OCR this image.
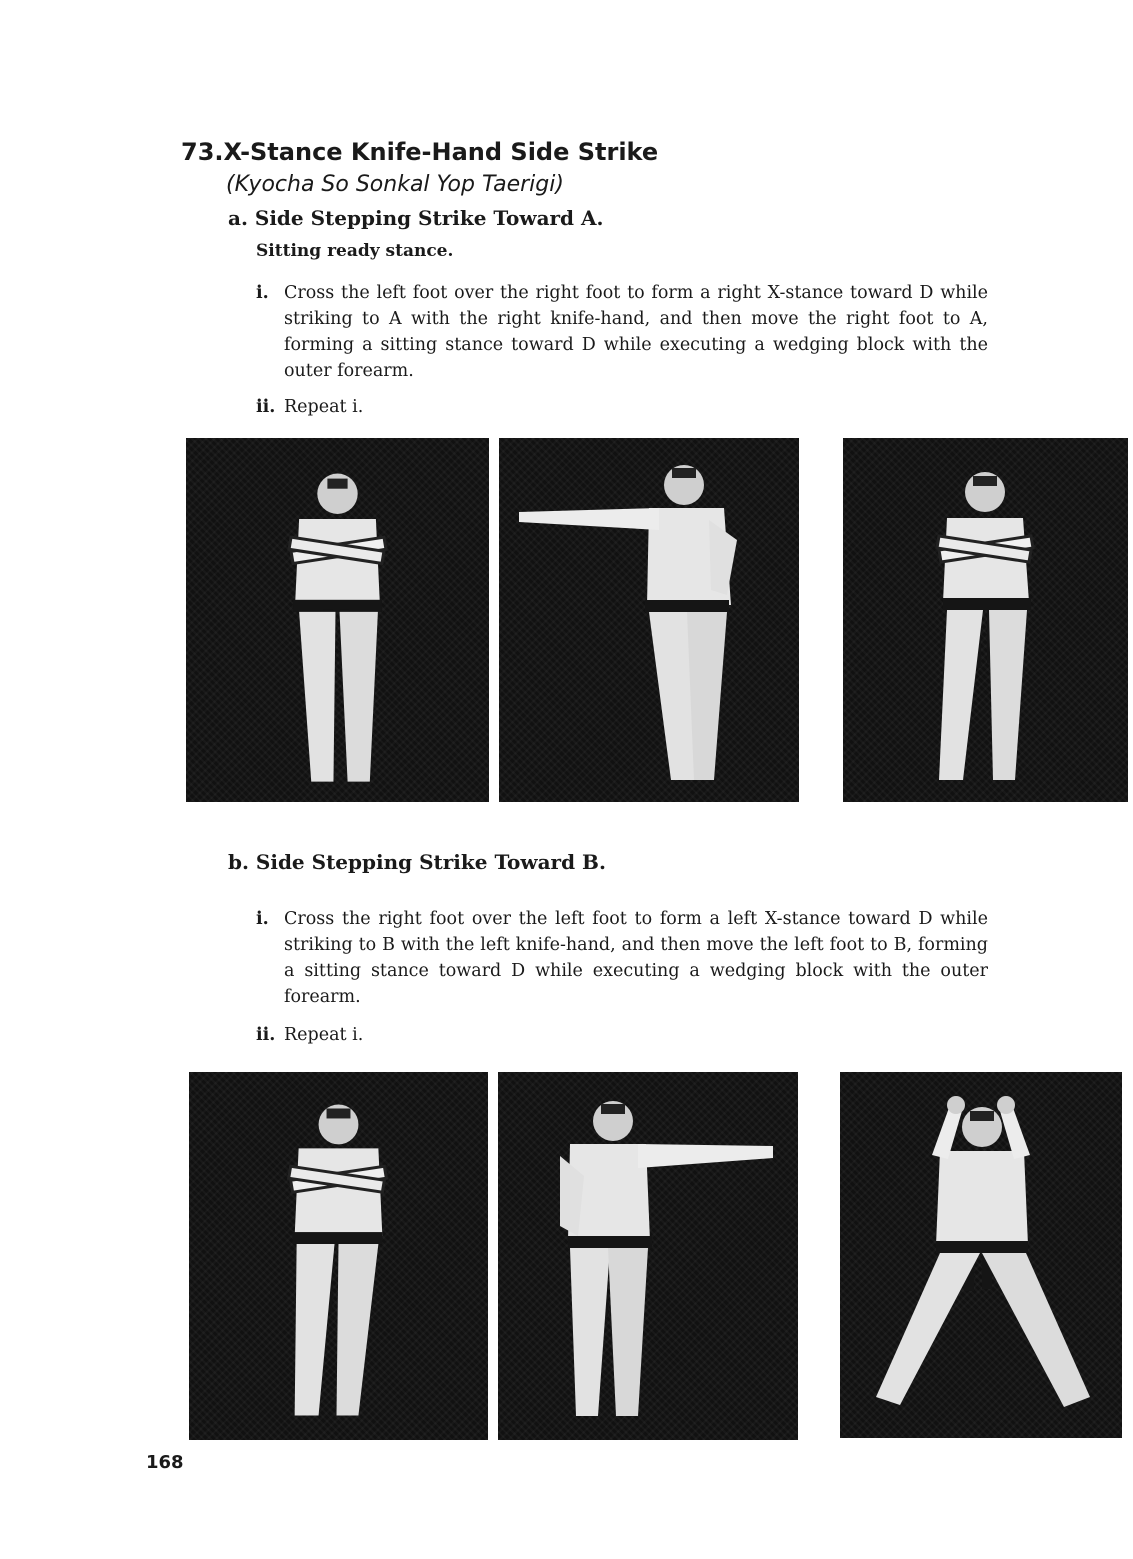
73.X-Stance Knife-Hand Side Strike
(Kyocha So Sonkal Yop Taerigi)
a. Side Stepping Strike Toward A.
Sitting ready stance.
i. Cross the left foot over the right foot to form a right X-stance toward D while striking to A with the right knife-hand, and then move the right foot to A, forming a sitting stance toward D while executing a wedging block with the outer forearm.
ii. Repeat i.
b. Side Stepping Strike Toward B.
i. Cross the right foot over the left foot to form a left X-stance toward D while striking to B with the left knife-hand, and then move the left foot to B, forming a sitting stance toward D while executing a wedging block with the outer forearm.
ii. Repeat i.
168
